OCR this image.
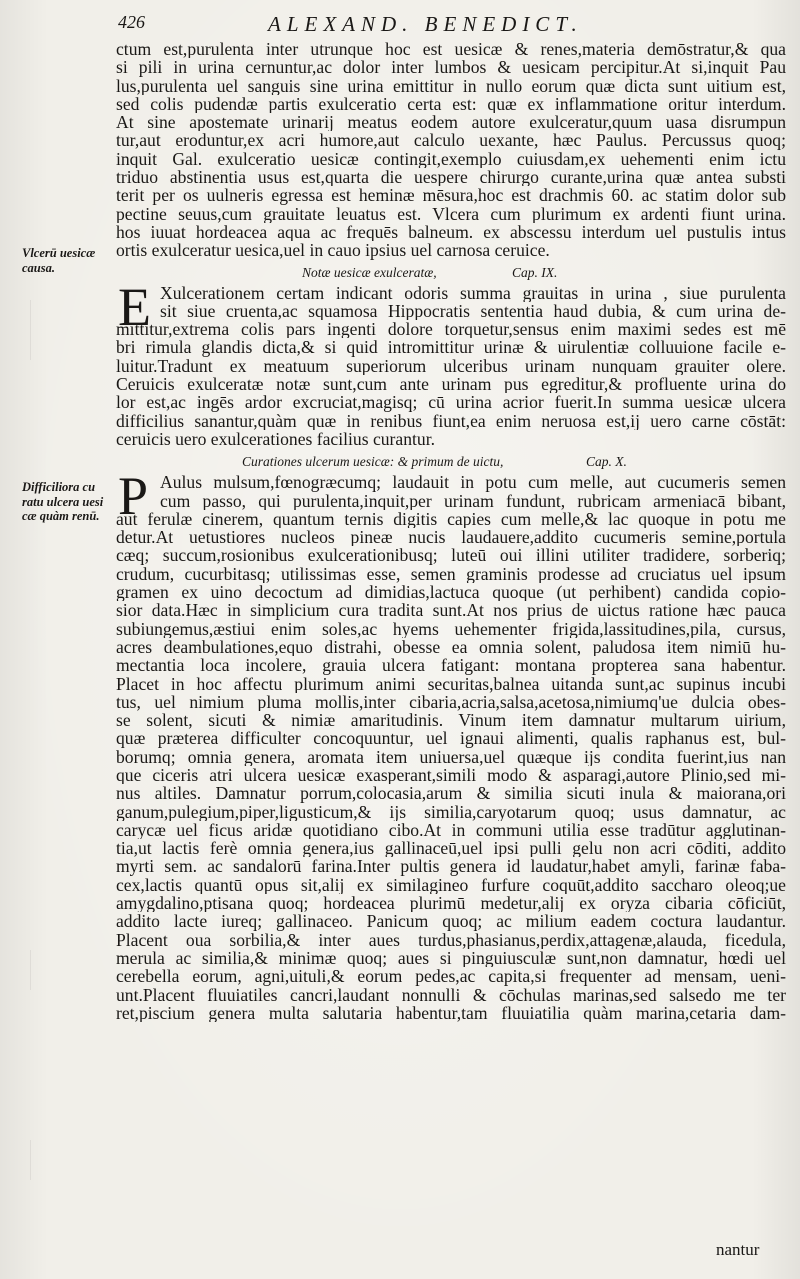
426	ALEXAND. BENEDICT.
Vlcerū uesicæ causa.
Difficiliora cu ratu ulcera uesi cæ quàm renū.
ctum est,purulenta inter utrunque hoc est uesicæ & renes,materia demōstratur,& qua
si pili in urina cernuntur,ac dolor inter lumbos & uesicam percipitur.At si,inquit Pau
lus,purulenta uel sanguis sine urina emittitur in nullo eorum quæ dicta sunt uitium est,
sed colis pudendæ partis exulceratio certa est: quæ ex inflammatione oritur interdum.
At sine apostemate urinarij meatus eodem autore exulceratur,quum uasa disrumpun
tur,aut eroduntur,ex acri humore,aut calculo uexante, hæc Paulus. Percussus quoq;
inquit Gal. exulceratio uesicæ contingit,exemplo cuiusdam,ex uehementi enim ictu
triduo abstinentia usus est,quarta die uespere chirurgo curante,urina quæ antea substi
terit per os uulneris egressa est heminæ mēsura,hoc est drachmis 60. ac statim dolor sub
pectine seuus,cum grauitate leuatus est. Vlcera cum plurimum ex ardenti fiunt urina.
hos iuuat hordeacea aqua ac frequēs balneum. ex abscessu interdum uel pustulis intus
ortis exulceratur uesica,uel in cauo ipsius uel carnosa ceruice.
Notæ uesicæ exulceratæ,	Cap. IX.
E Xulcerationem certam indicant odoris summa grauitas in urina , siue purulenta
sit siue cruenta,ac squamosa Hippocratis sententia haud dubia, & cum urina de-
mittitur,extrema colis pars ingenti dolore torquetur,sensus enim maximi sedes est mē
bri rimula glandis dicta,& si quid intromittitur urinæ & uirulentiæ colluuione facile e-
luitur.Tradunt ex meatuum superiorum ulceribus urinam nunquam grauiter olere.
Ceruicis exulceratæ notæ sunt,cum ante urinam pus egreditur,& profluente urina do
lor est,ac ingēs ardor excruciat,magisq; cū urina acrior fuerit.In summa uesicæ ulcera
difficilius sanantur,quàm quæ in renibus fiunt,ea enim neruosa est,ij uero carne cōstāt:
ceruicis uero exulcerationes facilius curantur.
Curationes ulcerum uesicæ: & primum de uictu,	Cap. X.
P Aulus mulsum,fœnogræcumq; laudauit in potu cum melle, aut cucumeris semen
cum passo, qui purulenta,inquit,per urinam fundunt, rubricam armeniacā bibant,
aut ferulæ cinerem, quantum ternis digitis capies cum melle,& lac quoque in potu me
detur.At uetustiores nucleos pineæ nucis laudauere,addito cucumeris semine,portula
cæq; succum,rosionibus exulcerationibusq; luteū oui illini utiliter tradidere, sorberiq;
crudum, cucurbitasq; utilissimas esse, semen graminis prodesse ad cruciatus uel ipsum
gramen ex uino decoctum ad dimidias,lactuca quoque (ut perhibent) candida copio-
sior data.Hæc in simplicium cura tradita sunt.At nos prius de uictus ratione hæc pauca
subiungemus,æstiui enim soles,ac hyems uehementer frigida,lassitudines,pila, cursus,
acres deambulationes,equo distrahi, obesse ea omnia solent, paludosa item nimiū hu-
mectantia loca incolere, grauia ulcera fatigant: montana propterea sana habentur.
Placet in hoc affectu plurimum animi securitas,balnea uitanda sunt,ac supinus incubi
tus, uel nimium pluma mollis,inter cibaria,acria,salsa,acetosa,nimiumq'ue dulcia obes-
se solent, sicuti & nimiæ amaritudinis. Vinum item damnatur multarum uirium,
quæ præterea difficulter concoquuntur, uel ignaui alimenti, qualis raphanus est, bul-
borumq; omnia genera, aromata item uniuersa,uel quæque ijs condita fuerint,ius nan
que ciceris atri ulcera uesicæ exasperant,simili modo & asparagi,autore Plinio,sed mi-
nus altiles. Damnatur porrum,colocasia,arum & similia sicuti inula & maiorana,ori
ganum,pulegium,piper,ligusticum,& ijs similia,caryotarum quoq; usus damnatur, ac
carycæ uel ficus aridæ quotidiano cibo.At in communi utilia esse tradūtur agglutinan-
tia,ut lactis ferè omnia genera,ius gallinaceū,uel ipsi pulli gelu non acri cōditi, addito
myrti sem. ac sandalorū farina.Inter pultis genera id laudatur,habet amyli, farinæ faba-
cex,lactis quantū opus sit,alij ex similagineo furfure coquūt,addito saccharo oleoq;ue
amygdalino,ptisana quoq; hordeacea plurimū medetur,alij ex oryza cibaria cōficiūt,
addito lacte iureq; gallinaceo. Panicum quoq; ac milium eadem coctura laudantur.
Placent oua sorbilia,& inter aues turdus,phasianus,perdix,attagenæ,alauda, ficedula,
merula ac similia,& minimæ quoq; aues si pinguiusculæ sunt,non damnatur, hœdi uel
cerebella eorum, agni,uituli,& eorum pedes,ac capita,si frequenter ad mensam, ueni-
unt.Placent fluuiatiles cancri,laudant nonnulli & cōchulas marinas,sed salsedo me ter
ret,piscium genera multa salutaria habentur,tam fluuiatilia quàm marina,cetaria dam-
nantur
